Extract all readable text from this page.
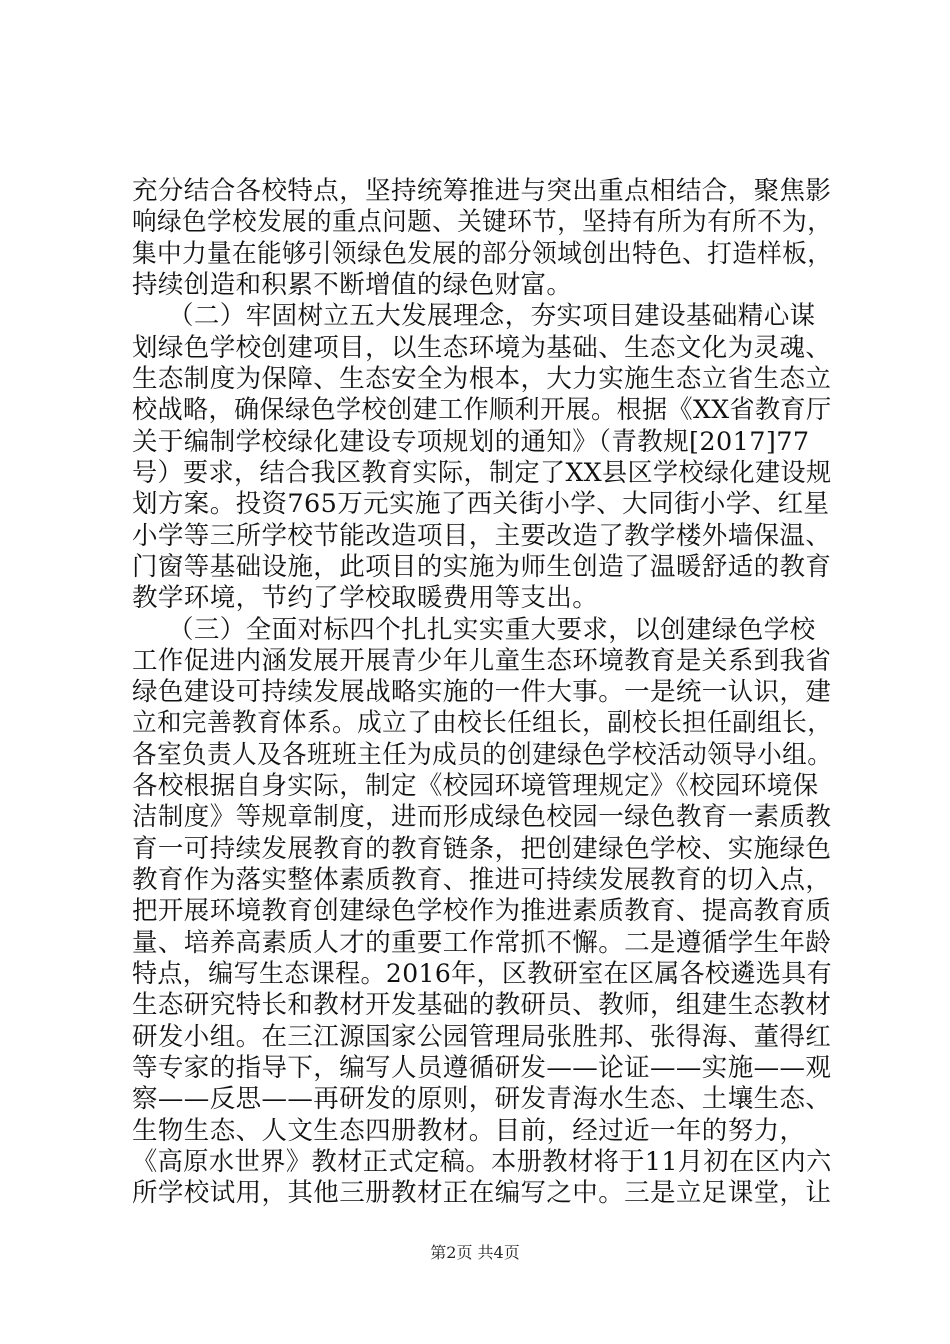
充分结合各校特点，坚持统筹推进与突出重点相结合，聚焦影
响绿色学校发展的重点问题、关键环节，坚持有所为有所不为，
集中力量在能够引领绿色发展的部分领域创出特色、打造样板，
持续创造和积累不断增值的绿色财富。
（二）牢固树立五大发展理念，夯实项目建设基础精心谋
划绿色学校创建项目，以生态环境为基础、生态文化为灵魂、
生态制度为保障、生态安全为根本，大力实施生态立省生态立
校战略，确保绿色学校创建工作顺利开展。根据《XX省教育厅
关于编制学校绿化建设专项规划的通知》（青教规[2017]77
号）要求，结合我区教育实际，制定了XX县区学校绿化建设规
划方案。投资765万元实施了西关街小学、大同街小学、红星
小学等三所学校节能改造项目，主要改造了教学楼外墙保温、
门窗等基础设施，此项目的实施为师生创造了温暖舒适的教育
教学环境，节约了学校取暖费用等支出。
（三）全面对标四个扎扎实实重大要求，以创建绿色学校
工作促进内涵发展开展青少年儿童生态环境教育是关系到我省
绿色建设可持续发展战略实施的一件大事。一是统一认识，建
立和完善教育体系。成立了由校长任组长，副校长担任副组长，
各室负责人及各班班主任为成员的创建绿色学校活动领导小组。
各校根据自身实际，制定《校园环境管理规定》《校园环境保
洁制度》等规章制度，进而形成绿色校园一绿色教育一素质教
育一可持续发展教育的教育链条，把创建绿色学校、实施绿色
教育作为落实整体素质教育、推进可持续发展教育的切入点，
把开展环境教育创建绿色学校作为推进素质教育、提高教育质
量、培养高素质人才的重要工作常抓不懈。二是遵循学生年龄
特点，编写生态课程。2016年，区教研室在区属各校遴选具有
生态研究特长和教材开发基础的教研员、教师，组建生态教材
研发小组。在三江源国家公园管理局张胜邦、张得海、董得红
等专家的指导下，编写人员遵循研发——论证——实施——观
察——反思——再研发的原则，研发青海水生态、土壤生态、
生物生态、人文生态四册教材。目前，经过近一年的努力，
《高原水世界》教材正式定稿。本册教材将于11月初在区内六
所学校试用，其他三册教材正在编写之中。三是立足课堂，让
第2页 共4页
